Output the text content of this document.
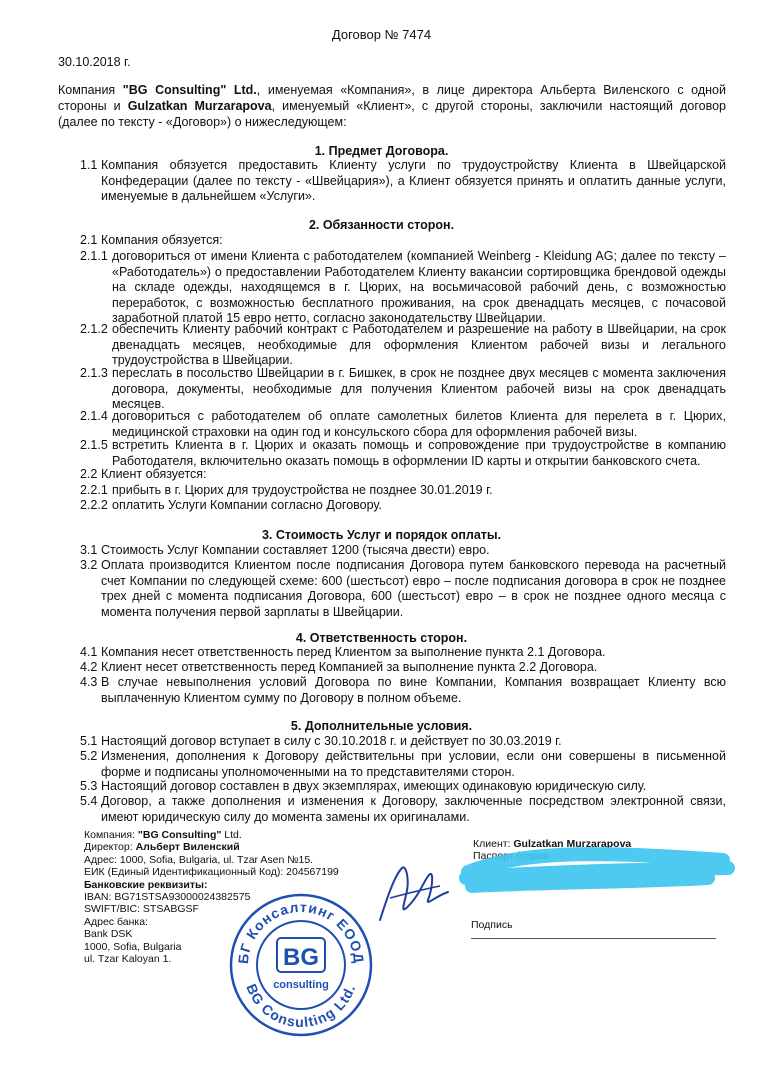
Договор № 7474
30.10.2018 г.
Компания "BG Consulting" Ltd., именуемая «Компания», в лице директора Альберта Виленского с одной стороны и Gulzatkan Murzarapova, именуемый «Клиент», с другой стороны, заключили настоящий договор (далее по тексту - «Договор») о нижеследующем:
1. Предмет Договора.
1.1 Компания обязуется предоставить Клиенту услуги по трудоустройству Клиента в Швейцарской Конфедерации (далее по тексту - «Швейцария»), а Клиент обязуется принять и оплатить данные услуги, именуемые в дальнейшем «Услуги».
2. Обязанности сторон.
2.1 Компания обязуется:
2.1.1 договориться от имени Клиента с работодателем (компанией Weinberg - Kleidung AG; далее по тексту – «Работодатель») о предоставлении Работодателем Клиенту вакансии сортировщика брендовой одежды на складе одежды, находящемся в г. Цюрих, на восьмичасовой рабочий день, с возможностью переработок, с возможностью бесплатного проживания, на срок двенадцать месяцев, с почасовой заработной платой 15 евро нетто, согласно законодательству Швейцарии.
2.1.2 обеспечить Клиенту рабочий контракт с Работодателем и разрешение на работу в Швейцарии, на срок двенадцать месяцев, необходимые для оформления Клиентом рабочей визы и легального трудоустройства в Швейцарии.
2.1.3 переслать в посольство Швейцарии в г. Бишкек, в срок не позднее двух месяцев с момента заключения договора, документы, необходимые для получения Клиентом рабочей визы на срок двенадцать месяцев.
2.1.4 договориться с работодателем об оплате самолетных билетов Клиента для перелета в г. Цюрих, медицинской страховки на один год и консульского сбора для оформления рабочей визы.
2.1.5 встретить Клиента в г. Цюрих и оказать помощь и сопровождение при трудоустройстве в компанию Работодателя, включительно оказать помощь в оформлении ID карты и открытии банковского счета.
2.2 Клиент обязуется:
2.2.1 прибыть в г. Цюрих для трудоустройства не позднее 30.01.2019 г.
2.2.2 оплатить Услуги Компании согласно Договору.
3. Стоимость Услуг и порядок оплаты.
3.1 Стоимость Услуг Компании составляет 1200 (тысяча двести) евро.
3.2 Оплата производится Клиентом после подписания Договора путем банковского перевода на расчетный счет Компании по следующей схеме: 600 (шестьсот) евро – после подписания договора в срок не позднее трех дней с момента подписания Договора, 600 (шестьсот) евро – в срок не позднее одного месяца с момента получения первой зарплаты в Швейцарии.
4. Ответственность сторон.
4.1 Компания несет ответственность перед Клиентом за выполнение пункта 2.1 Договора.
4.2 Клиент несет ответственность перед Компанией за выполнение пункта 2.2 Договора.
4.3 В случае невыполнения условий Договора по вине Компании, Компания возвращает Клиенту всю выплаченную Клиентом сумму по Договору в полном объеме.
5. Дополнительные условия.
5.1 Настоящий договор вступает в силу с 30.10.2018 г. и действует по 30.03.2019 г.
5.2 Изменения, дополнения к Договору действительны при условии, если они совершены в письменной форме и подписаны уполномоченными на то представителями сторон.
5.3 Настоящий договор составлен в двух экземплярах, имеющих одинаковую юридическую силу.
5.4 Договор, а также дополнения и изменения к Договору, заключенные посредством электронной связи, имеют юридическую силу до момента замены их оригиналами.
Компания: "BG Consulting" Ltd.
Директор: Альберт Виленский
Адрес: 1000, Sofia, Bulgaria, ul. Tzar Asen №15.
ЕИК (Единый Идентификационный Код): 204567199
Банковские реквизиты:
IBAN: BG71STSA93000024382575
SWIFT/BIC: STSABGSF
Адрес банка:
Bank DSK
1000, Sofia, Bulgaria
ul. Tzar Kaloyan 1.
Клиент: Gulzatkan Murzarapova
Паспорт (серия
БГ Консалтинг ЕООД
BG Consulting Ltd.
BG
consulting
Подпись
